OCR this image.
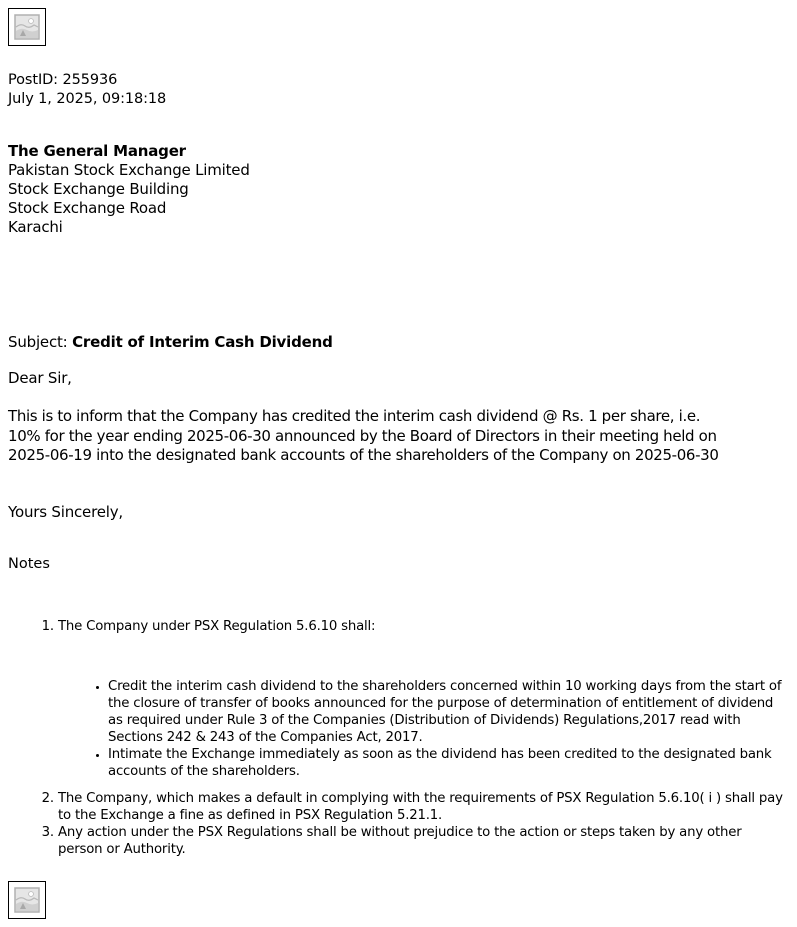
PostID: 255936
July 1, 2025, 09:18:18
The General Manager
Pakistan Stock Exchange Limited
Stock Exchange Building
Stock Exchange Road
Karachi
Subject: Credit of Interim Cash Dividend
Dear Sir,
This is to inform that the Company has credited the interim cash dividend @ Rs. 1 per share, i.e.
10% for the year ending 2025-06-30 announced by the Board of Directors in their meeting held on
2025-06-19 into the designated bank accounts of the shareholders of the Company on 2025-06-30
Yours Sincerely,
Notes
1. The Company under PSX Regulation 5.6.10 shall:
• Credit the interim cash dividend to the shareholders concerned within 10 working days from the start of the closure of transfer of books announced for the purpose of determination of entitlement of dividend as required under Rule 3 of the Companies (Distribution of Dividends) Regulations,2017 read with Sections 242 & 243 of the Companies Act, 2017.
• Intimate the Exchange immediately as soon as the dividend has been credited to the designated bank accounts of the shareholders.
2. The Company, which makes a default in complying with the requirements of PSX Regulation 5.6.10( i ) shall pay to the Exchange a fine as defined in PSX Regulation 5.21.1.
3. Any action under the PSX Regulations shall be without prejudice to the action or steps taken by any other person or Authority.
